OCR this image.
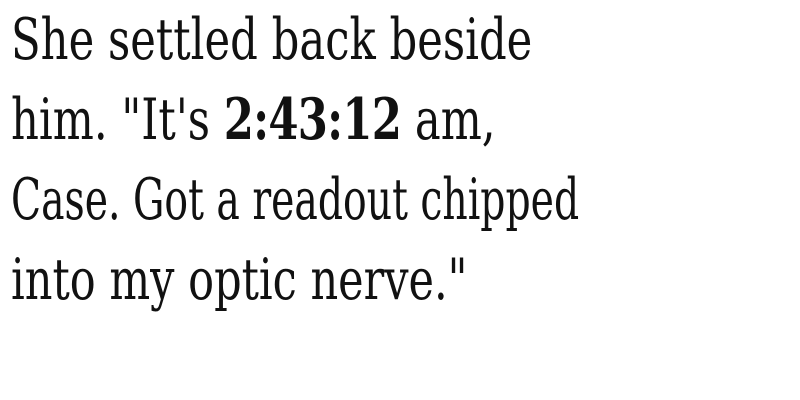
She settled back beside
him. "It's 2:43:12 am,
Case. Got a readout chipped
into my optic nerve."
